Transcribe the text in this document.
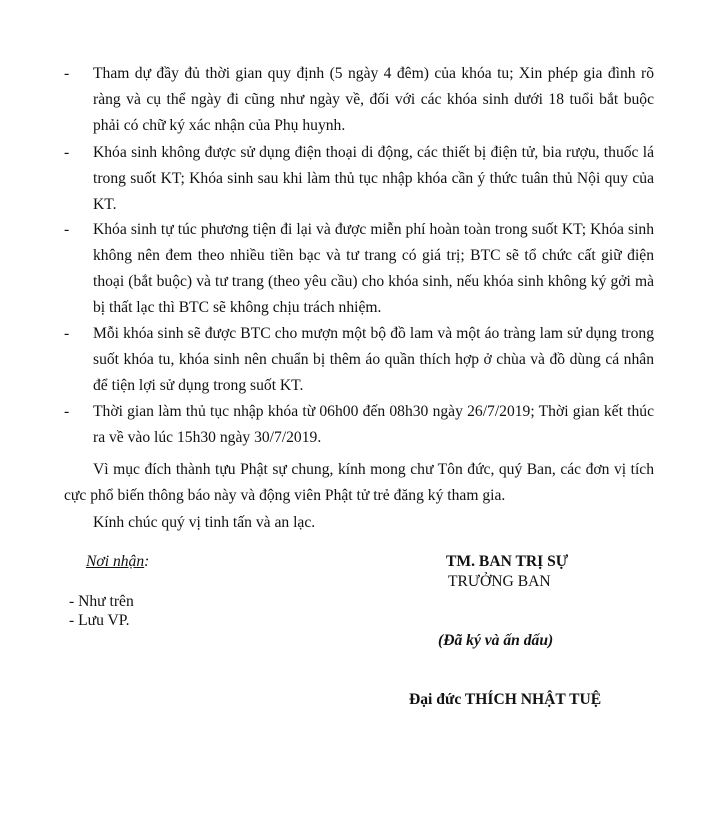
- Tham dự đầy đủ thời gian quy định (5 ngày 4 đêm) của khóa tu; Xin phép gia đình rõ ràng và cụ thể ngày đi cũng như ngày về, đối với các khóa sinh dưới 18 tuổi bắt buộc phải có chữ ký xác nhận của Phụ huynh.
- Khóa sinh không được sử dụng điện thoại di động, các thiết bị điện tử, bia rượu, thuốc lá trong suốt KT; Khóa sinh sau khi làm thủ tục nhập khóa cần ý thức tuân thủ Nội quy của KT.
- Khóa sinh tự túc phương tiện đi lại và được miễn phí hoàn toàn trong suốt KT; Khóa sinh không nên đem theo nhiều tiền bạc và tư trang có giá trị; BTC sẽ tổ chức cất giữ điện thoại (bắt buộc) và tư trang (theo yêu cầu) cho khóa sinh, nếu khóa sinh không ký gởi mà bị thất lạc thì BTC sẽ không chịu trách nhiệm.
- Mỗi khóa sinh sẽ được BTC cho mượn một bộ đồ lam và một áo tràng lam sử dụng trong suốt khóa tu, khóa sinh nên chuẩn bị thêm áo quần thích hợp ở chùa và đồ dùng cá nhân để tiện lợi sử dụng trong suốt KT.
- Thời gian làm thủ tục nhập khóa từ 06h00 đến 08h30 ngày 26/7/2019; Thời gian kết thúc ra về vào lúc 15h30 ngày 30/7/2019.
Vì mục đích thành tựu Phật sự chung, kính mong chư Tôn đức, quý Ban, các đơn vị tích cực phổ biến thông báo này và động viên Phật tử trẻ đăng ký tham gia.
Kính chúc quý vị tinh tấn và an lạc.
Nơi nhận:
- Như trên
- Lưu VP.
TM. BAN TRỊ SỰ
TRƯỞNG BAN
(Đã ký và ấn dấu)
Đại đức THÍCH NHẬT TUỆ
